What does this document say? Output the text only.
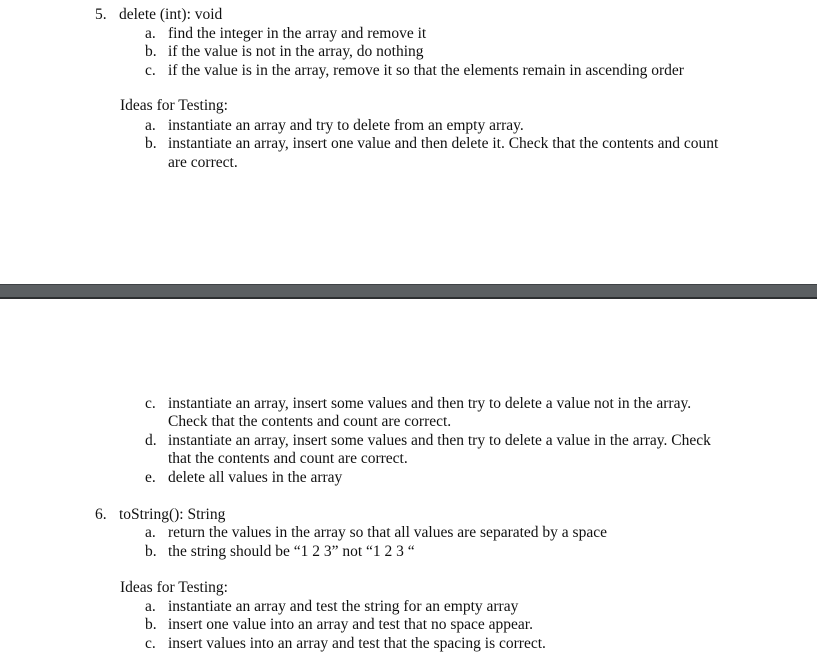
5. delete (int): void
a. find the integer in the array and remove it
b. if the value is not in the array, do nothing
c. if the value is in the array, remove it so that the elements remain in ascending order
Ideas for Testing:
a. instantiate an array and try to delete from an empty array.
b. instantiate an array, insert one value and then delete it. Check that the contents and count
are correct.
c. instantiate an array, insert some values and then try to delete a value not in the array.
Check that the contents and count are correct.
d. instantiate an array, insert some values and then try to delete a value in the array. Check
that the contents and count are correct.
e. delete all values in the array
6. toString(): String
a. return the values in the array so that all values are separated by a space
b. the string should be “1 2 3” not “1 2 3 “
Ideas for Testing:
a. instantiate an array and test the string for an empty array
b. insert one value into an array and test that no space appear.
c. insert values into an array and test that the spacing is correct.
